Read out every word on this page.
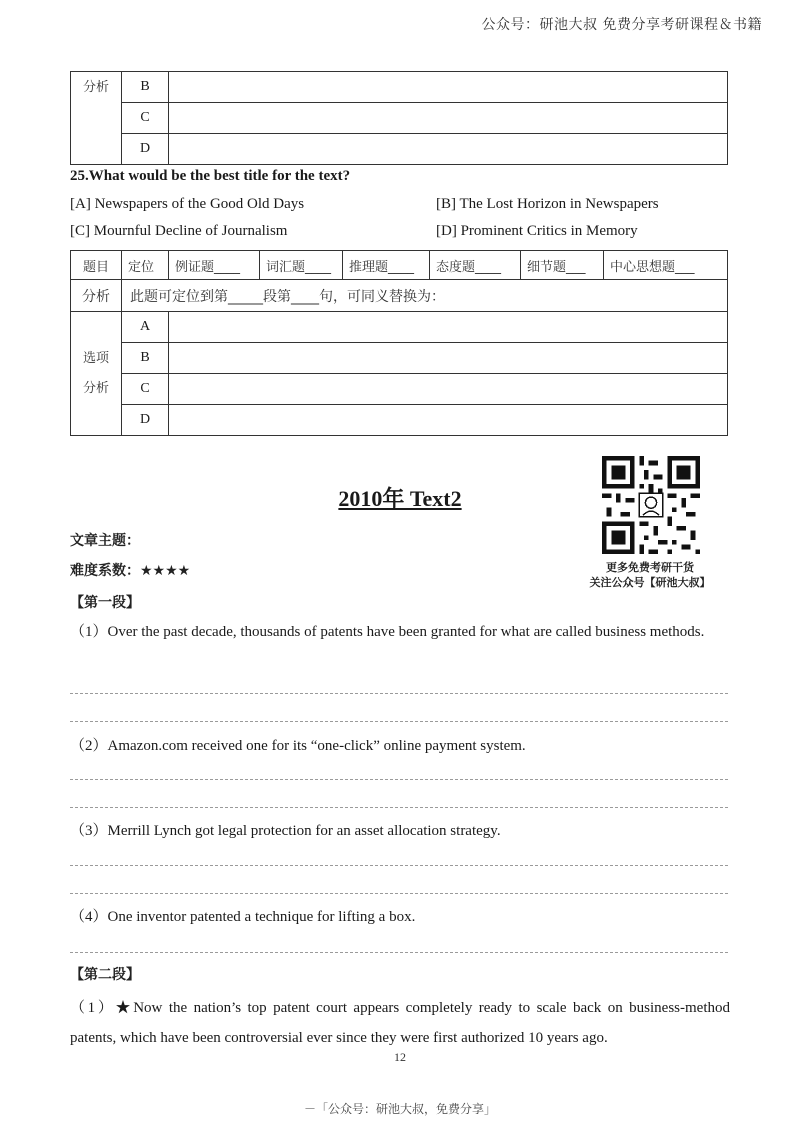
公众号：研池大叔 免费分享考研课程＆书籍
分析	B	
	C	
	D	
25.What would be the best title for the text?
[A] Newspapers of the Good Old Days	[B] The Lost Horizon in Newspapers
[C] Mournful Decline of Journalism	[D] Prominent Critics in Memory
题目	定位	例证题____	词汇题____	推理题____	态度题____	细节题___	中心思想题___
分析	此题可定位到第_____段第____句，可同义替换为：						

选项
分析	A						
	B						
	C						
	D						
2010年 Text2
更多免费考研干货
关注公众号【研池大叔】
文章主题：
难度系数：★★★★
【第一段】
（1）Over the past decade, thousands of patents have been granted for what are called business methods.
（2）Amazon.com received one for its “one-click” online payment system.
（3）Merrill Lynch got legal protection for an asset allocation strategy.
（4）One inventor patented a technique for lifting a box.
【第二段】
（1）★Now the nation’s top patent court appears completely ready to scale back on business-method patents, which have been controversial ever since they were first authorized 10 years ago.
12
－「公众号：研池大叔，免费分享」
